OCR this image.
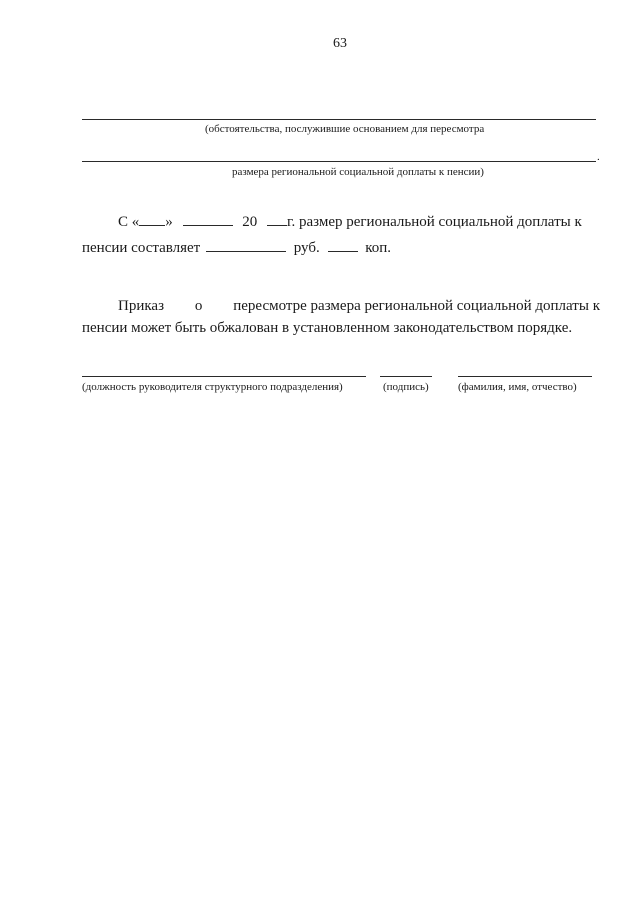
63
(обстоятельства, послужившие основанием для пересмотра
.
размера региональной социальной доплаты к пенсии)
С « »	20 г. размер региональной социальной доплаты к
пенсии составляет	руб.	коп.
Приказ о пересмотре размера региональной социальной доплаты к
пенсии может быть обжалован в установленном законодательством порядке.
(должность руководителя структурного подразделения)	(подпись)	(фамилия, имя, отчество)
